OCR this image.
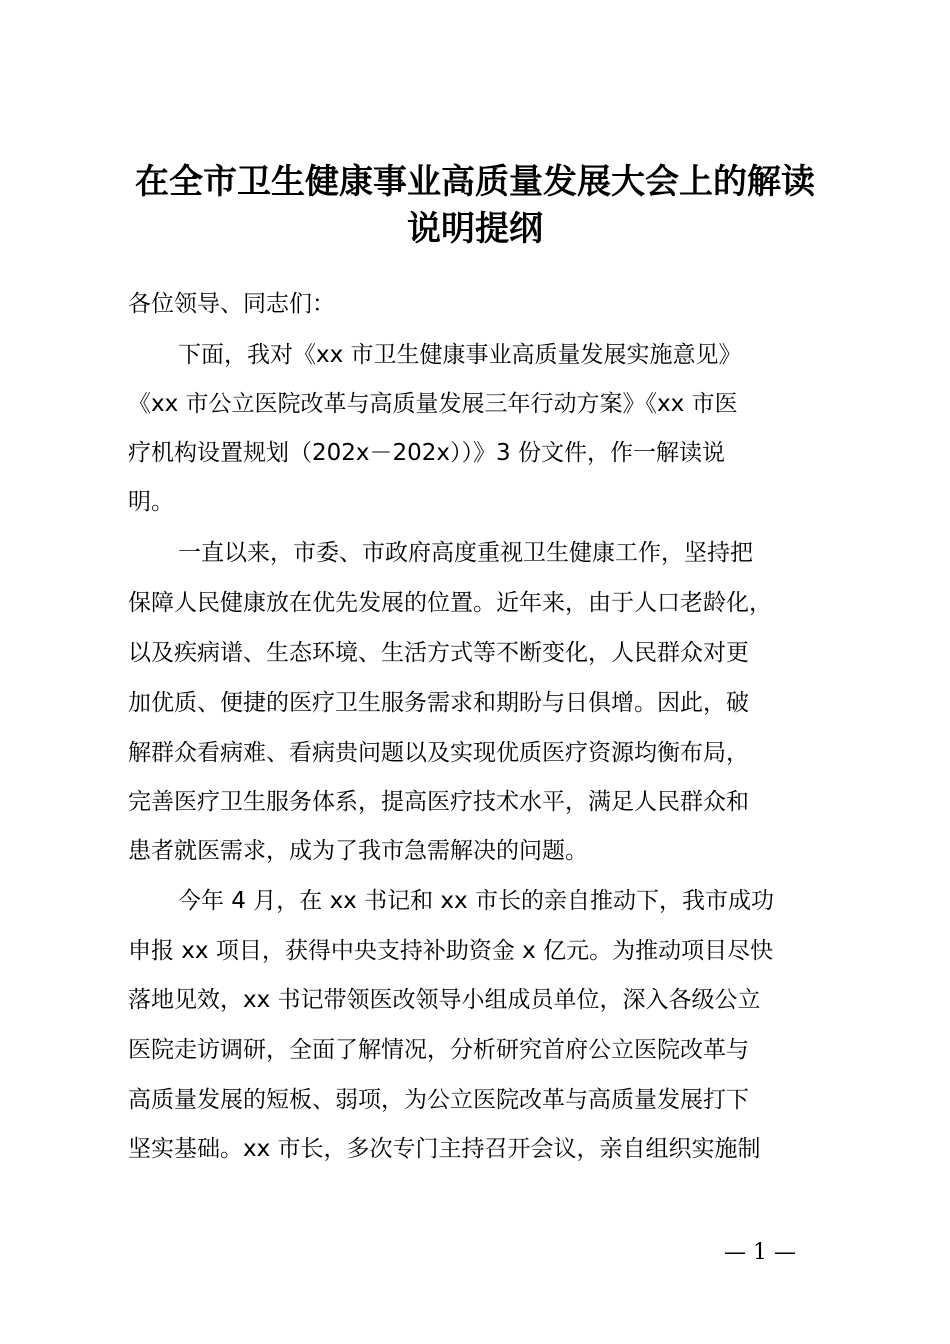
在全市卫生健康事业高质量发展大会上的解读
说明提纲
各位领导、同志们：
下面，我对《xx 市卫生健康事业高质量发展实施意见》
《xx 市公立医院改革与高质量发展三年行动方案》《xx 市医
疗机构设置规划（202x－202x））》3 份文件，作一解读说
明。
一直以来，市委、市政府高度重视卫生健康工作，坚持把
保障人民健康放在优先发展的位置。近年来，由于人口老龄化，
以及疾病谱、生态环境、生活方式等不断变化，人民群众对更
加优质、便捷的医疗卫生服务需求和期盼与日俱增。因此，破
解群众看病难、看病贵问题以及实现优质医疗资源均衡布局，
完善医疗卫生服务体系，提高医疗技术水平，满足人民群众和
患者就医需求，成为了我市急需解决的问题。
今年 4 月，在 xx 书记和 xx 市长的亲自推动下，我市成功
申报 xx 项目，获得中央支持补助资金 x 亿元。为推动项目尽快
落地见效，xx 书记带领医改领导小组成员单位，深入各级公立
医院走访调研，全面了解情况，分析研究首府公立医院改革与
高质量发展的短板、弱项，为公立医院改革与高质量发展打下
坚实基础。xx 市长，多次专门主持召开会议，亲自组织实施制
— 1 —
